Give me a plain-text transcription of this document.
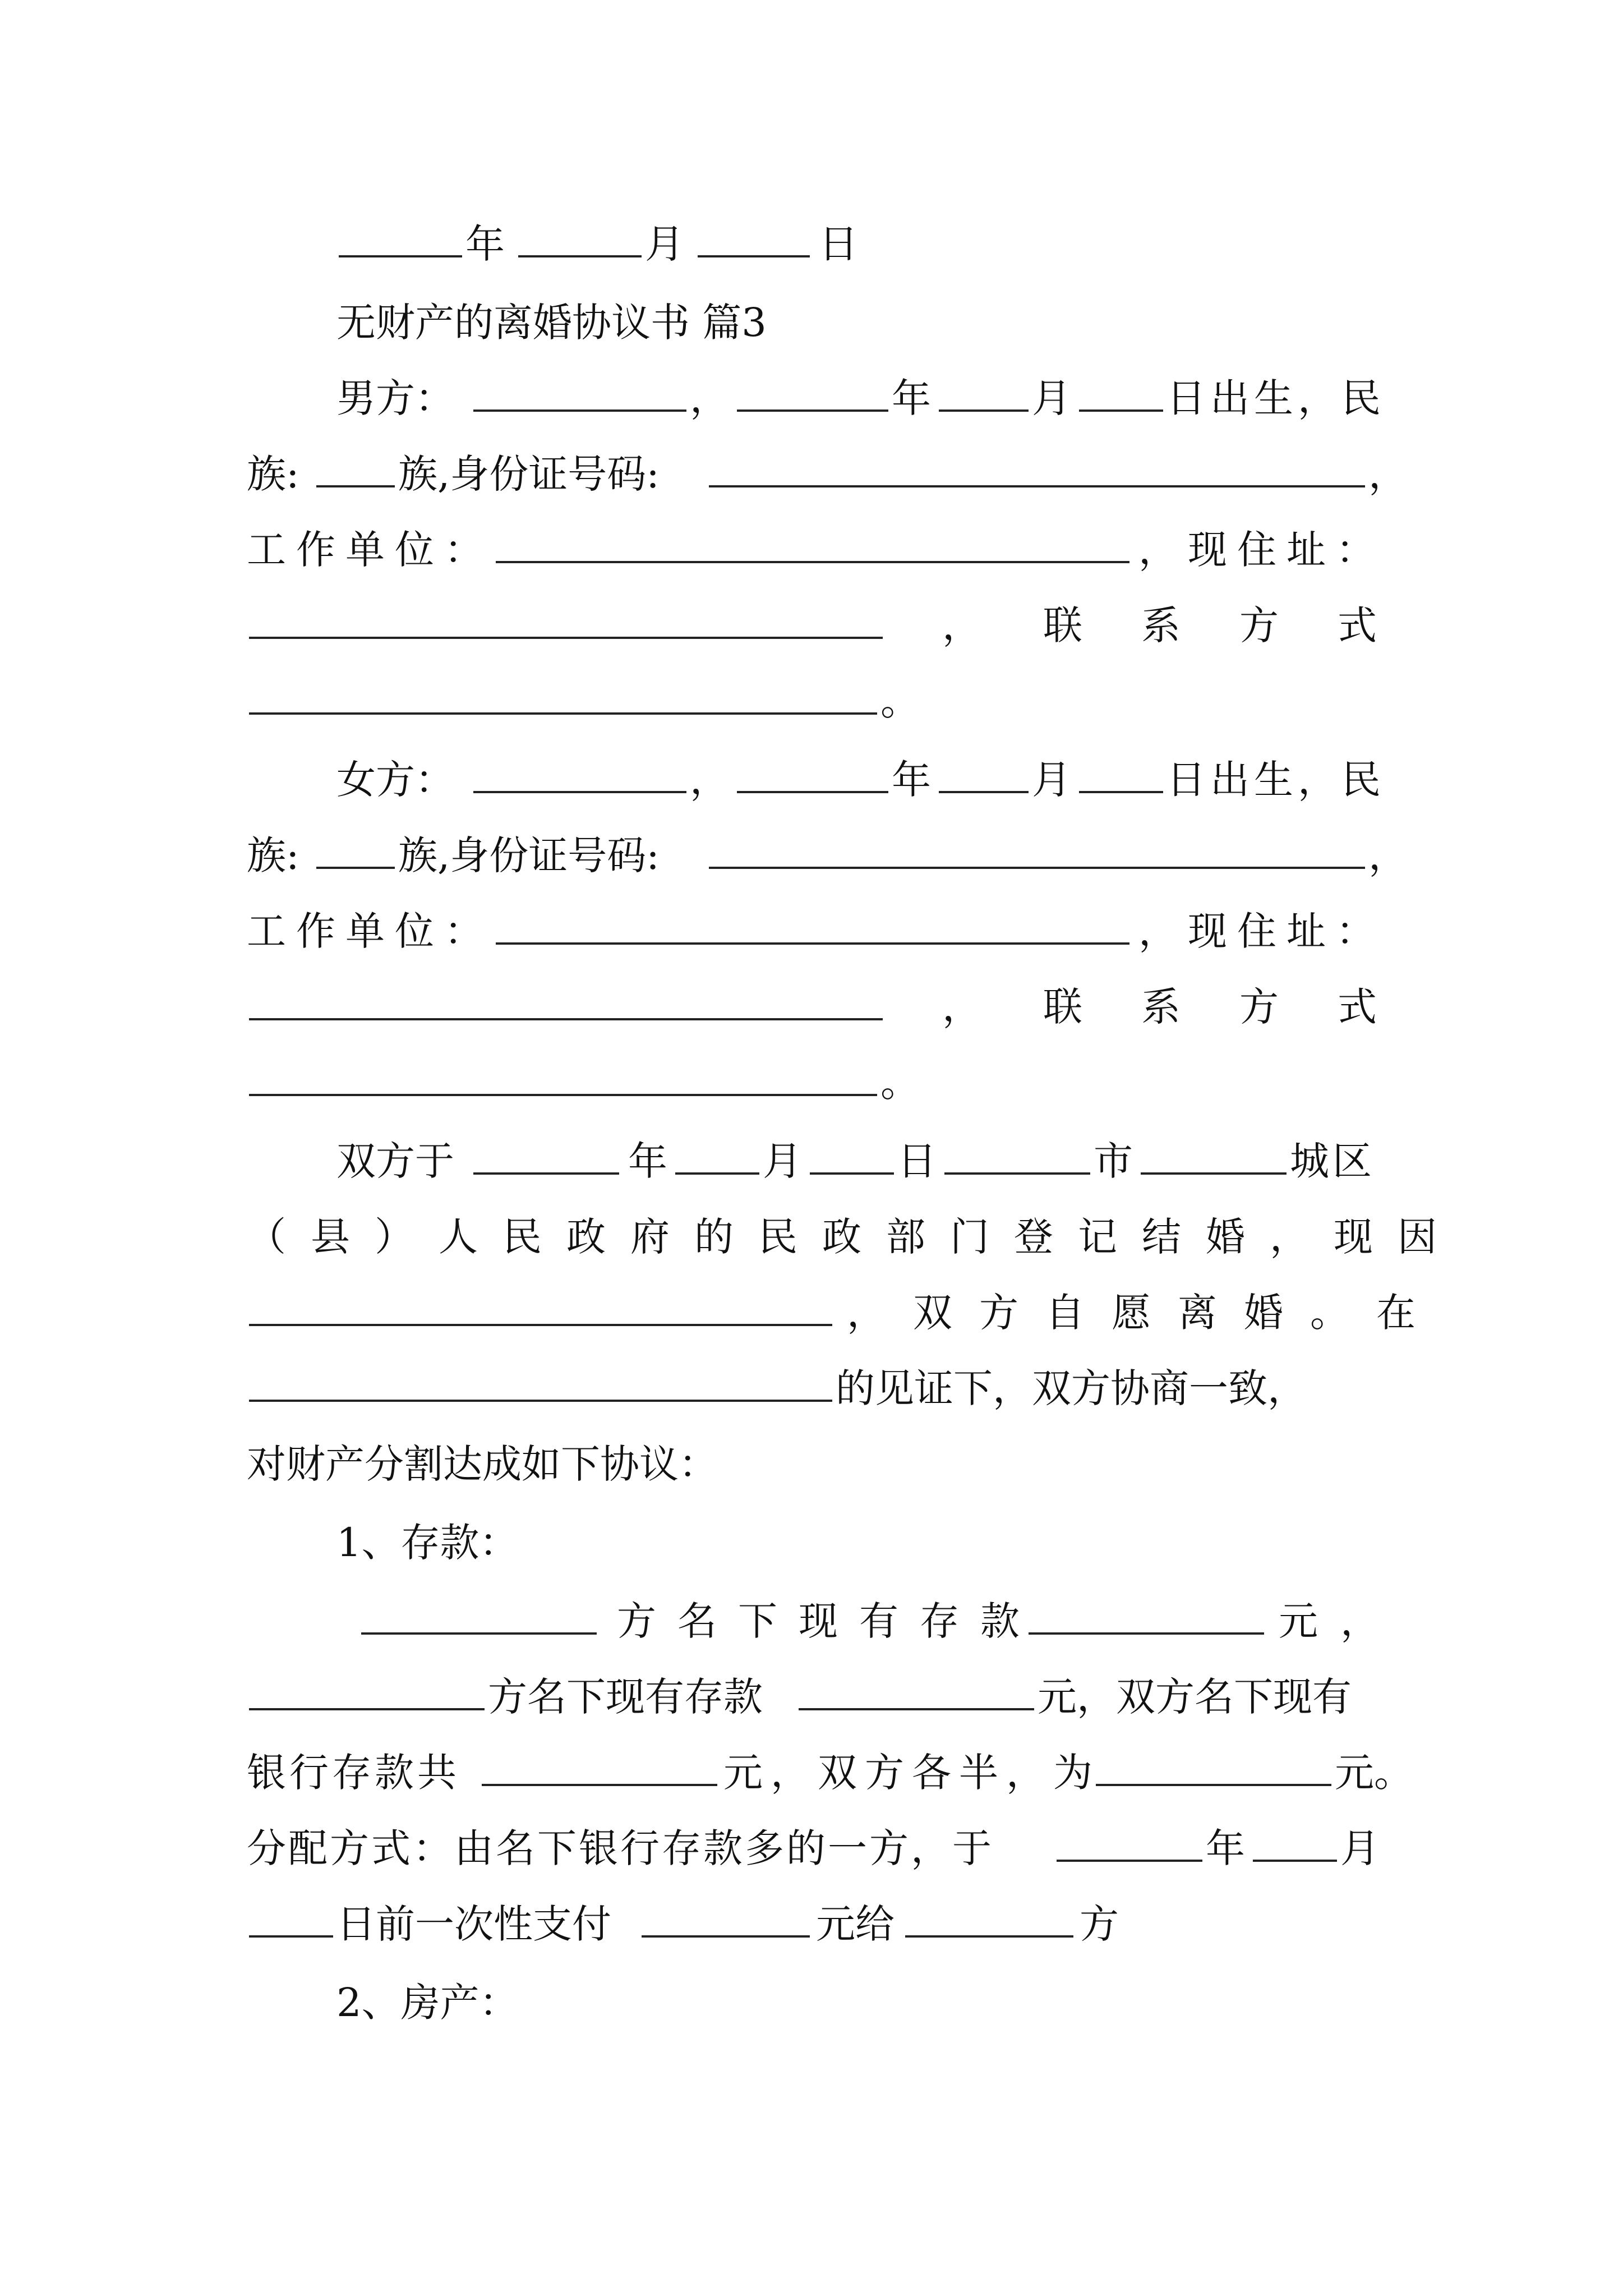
年	月	日
无财产的离婚协议书 篇3
男方：	，	年	月 日出生，民
族:	族,身份证号码:	，
工作单位：	，现住址：
， 联系方式
。
女方：	，	年	月 日出生，民
族:	族,身份证号码:	，
工作单位：	，现住址：
， 联系方式
。
双方于	年 月 日	市	城区
（县）人民政府的民政部门登记结婚，现因
，双方自愿离婚。在
的见证下，双方协商一致，
对财产分割达成如下协议：
1、存款：
方名下现有存款	元，
方名下现有存款	元，双方名下现有
银行存款共	元，双方各半，为	元。
分配方式：由名下银行存款多的一方，于	年 月
日前一次性支付	元给	方
2、房产：
